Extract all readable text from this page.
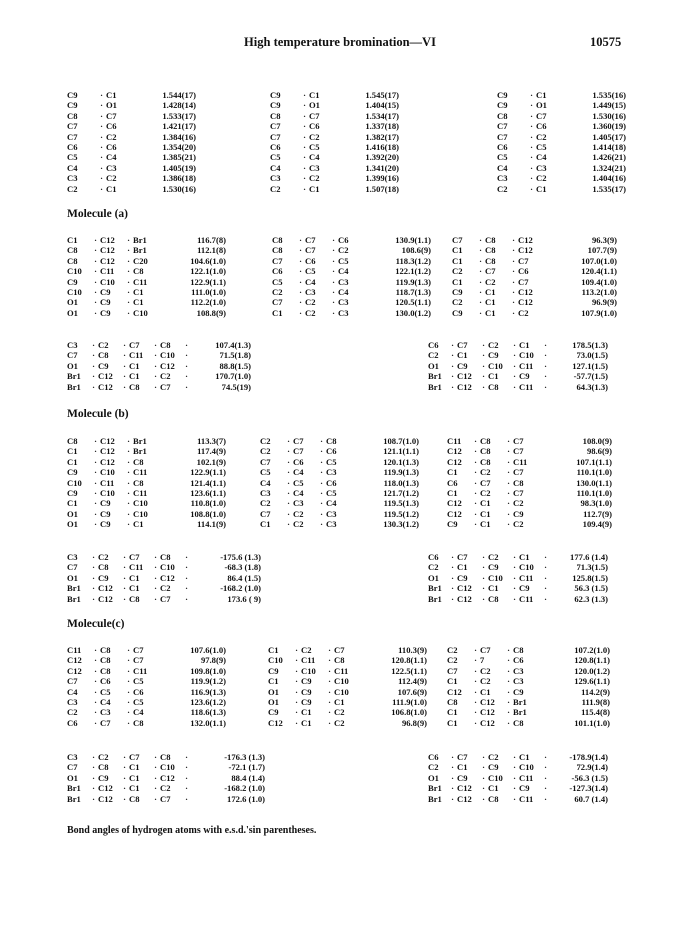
High temperature bromination—VI	10575
C9	·	C1	1.544(17)
C9	·	O1	1.428(14)
C8	·	C7	1.533(17)
C7	·	C6	1.421(17)
C7	·	C2	1.384(16)
C6	·	C6	1.354(20)
C5	·	C4	1.385(21)
C4	·	C3	1.405(19)
C3	·	C2	1.386(18)
C2	·	C1	1.530(16)
C9	·	C1	1.545(17)
C9	·	O1	1.404(15)
C8	·	C7	1.534(17)
C7	·	C6	1.337(18)
C7	·	C2	1.382(17)
C6	·	C5	1.416(18)
C5	·	C4	1.392(20)
C4	·	C3	1.341(20)
C3	·	C2	1.399(16)
C2	·	C1	1.507(18)
C9	·	C1	1.535(16)
C9	·	O1	1.449(15)
C8	·	C7	1.530(16)
C7	·	C6	1.360(19)
C7	·	C2	1.405(17)
C6	·	C5	1.414(18)
C5	·	C4	1.426(21)
C4	·	C3	1.324(21)
C3	·	C2	1.404(16)
C2	·	C1	1.535(17)
Molecule (a)
C1	·	C12	·	Br1		116.7(8)
C8	·	C12	·	Br1		112.1(8)
C8	·	C12	·	C20		104.6(1.0)
C10	·	C11	·	C8		122.1(1.0)
C9	·	C10	·	C11		122.9(1.1)
C10	·	C9	·	C1		111.0(1.0)
O1	·	C9	·	C1		112.2(1.0)
O1	·	C9	·	C10		108.8(9)
C8	·	C7	·	C6		130.9(1.1)
C8	·	C7	·	C2		108.6(9)
C7	·	C6	·	C5		118.3(1.2)
C6	·	C5	·	C4		122.1(1.2)
C5	·	C4	·	C3		119.9(1.3)
C2	·	C3	·	C4		118.7(1.3)
C7	·	C2	·	C3		120.5(1.1)
C1	·	C2	·	C3		130.0(1.2)
C7	·	C8	·	C12		96.3(9)
C1	·	C8	·	C12		107.7(9)
C1	·	C8	·	C7		107.0(1.0)
C2	·	C7	·	C6		120.4(1.1)
C1	·	C2	·	C7		109.4(1.0)
C9	·	C1	·	C12		113.2(1.0)
C2	·	C1	·	C12		96.9(9)
C9	·	C1	·	C2		107.9(1.0)
C3	·	C2	·	C7	·	C8	·	107.4(1.3)
C7	·	C8	·	C11	·	C10	·	71.5(1.8)
O1	·	C9	·	C1	·	C12	·	88.8(1.5)
Br1	·	C12	·	C1	·	C2	·	170.7(1.0)
Br1	·	C12	·	C8	·	C7	·	74.5(19)
C6	·	C7	·	C2	·	C1	·	178.5(1.3)
C2	·	C1	·	C9	·	C10	·	73.0(1.5)
O1	·	C9	·	C10	·	C11	·	127.1(1.5)
Br1	·	C12	·	C1	·	C9	·	-57.7(1.5)
Br1	·	C12	·	C8	·	C11	·	64.3(1.3)
Molecule (b)
C8	·	C12	·	Br1		113.3(7)
C1	·	C12	·	Br1		117.4(9)
C1	·	C12	·	C8		102.1(9)
C9	·	C10	·	C11		122.9(1.1)
C10	·	C11	·	C8		121.4(1.1)
C9	·	C10	·	C11		123.6(1.1)
C1	·	C9	·	C10		110.8(1.0)
O1	·	C9	·	C10		108.8(1.0)
O1	·	C9	·	C1		114.1(9)
C2	·	C7	·	C8		108.7(1.0)
C2	·	C7	·	C6		121.1(1.1)
C7	·	C6	·	C5		120.1(1.3)
C5	·	C4	·	C3		119.9(1.3)
C4	·	C5	·	C6		118.0(1.3)
C3	·	C4	·	C5		121.7(1.2)
C2	·	C3	·	C4		119.5(1.3)
C7	·	C2	·	C3		119.5(1.2)
C1	·	C2	·	C3		130.3(1.2)
C11	·	C8	·	C7		108.0(9)
C12	·	C8	·	C7		98.6(9)
C12	·	C8	·	C11		107.1(1.1)
C1	·	C2	·	C7		110.1(1.0)
C6	·	C7	·	C8		130.0(1.1)
C1	·	C2	·	C7		110.1(1.0)
C12	·	C1	·	C2		98.3(1.0)
C12	·	C1	·	C9		112.7(9)
C9	·	C1	·	C2		109.4(9)
C3	·	C2	·	C7	·	C8	·	-175.6 (1.3)
C7	·	C8	·	C11	·	C10	·	-68.3 (1.8)
O1	·	C9	·	C1	·	C12	·	86.4 (1.5)
Br1	·	C12	·	C1	·	C2	·	-168.2 (1.0)
Br1	·	C12	·	C8	·	C7	·	173.6 ( 9)
C6	·	C7	·	C2	·	C1	·	177.6 (1.4)
C2	·	C1	·	C9	·	C10	·	71.3(1.5)
O1	·	C9	·	C10	·	C11	·	125.8(1.5)
Br1	·	C12	·	C1	·	C9	·	56.3 (1.5)
Br1	·	C12	·	C8	·	C11	·	62.3 (1.3)
Molecule(c)
C11	·	C8	·	C7		107.6(1.0)
C12	·	C8	·	C7		97.8(9)
C12	·	C8	·	C11		109.8(1.0)
C7	·	C6	·	C5		119.9(1.2)
C4	·	C5	·	C6		116.9(1.3)
C3	·	C4	·	C5		123.6(1.2)
C2	·	C3	·	C4		118.6(1.3)
C6	·	C7	·	C8		132.0(1.1)
C1	·	C2	·	C7		110.3(9)
C10	·	C11	·	C8		120.8(1.1)
C9	·	C10	·	C11		122.5(1.1)
C1	·	C9	·	C10		112.4(9)
O1	·	C9	·	C10		107.6(9)
O1	·	C9	·	C1		111.9(1.0)
C9	·	C1	·	C2		106.8(1.0)
C12	·	C1	·	C2		96.8(9)
C2	·	C7	·	C8		107.2(1.0)
C2	·	7	·	C6		120.8(1.1)
C7	·	C2	·	C3		120.0(1.2)
C1	·	C2	·	C3		129.6(1.1)
C12	·	C1	·	C9		114.2(9)
C8	·	C12	·	Br1		111.9(8)
C1	·	C12	·	Br1		115.4(8)
C1	·	C12	·	C8		101.1(1.0)
C3	·	C2	·	C7	·	C8	·	-176.3 (1.3)
C7	·	C8	·	C1	·	C10	·	-72.1 (1.7)
O1	·	C9	·	C1	·	C12	·	88.4 (1.4)
Br1	·	C12	·	C1	·	C2	·	-168.2 (1.0)
Br1	·	C12	·	C8	·	C7	·	172.6 (1.0)
C6	·	C7	·	C2	·	C1	·	-178.9(1.4)
C2	·	C1	·	C9	·	C10	·	72.9(1.4)
O1	·	C9	·	C10	·	C11	·	-56.3 (1.5)
Br1	·	C12	·	C1	·	C9	·	-127.3(1.4)
Br1	·	C12	·	C8	·	C11	·	60.7 (1.4)
Bond angles of hydrogen atoms with e.s.d.'sin parentheses.
